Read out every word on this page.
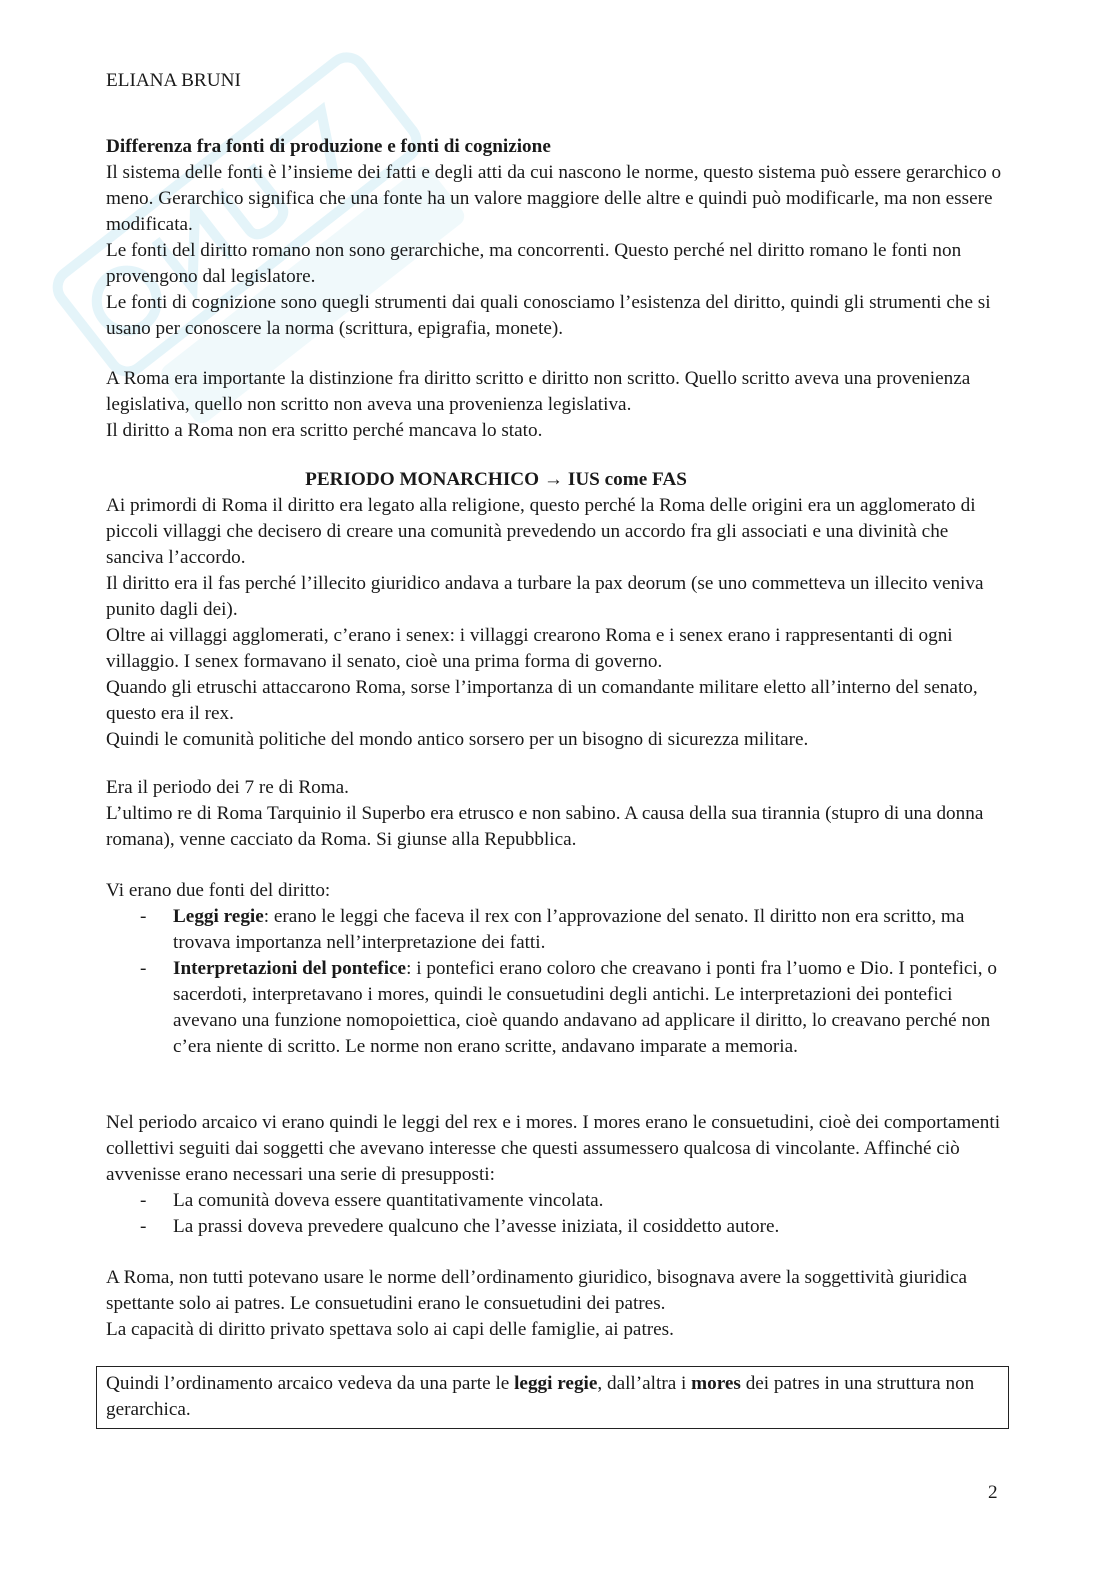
ELIANA BRUNI

Differenza fra fonti di produzione e fonti di cognizione

Il sistema delle fonti è l’insieme dei fatti e degli atti da cui nascono le norme, questo sistema può essere gerarchico o meno. Gerarchico significa che una fonte ha un valore maggiore delle altre e quindi può modificarle, ma non essere modificata.

Le fonti del diritto romano non sono gerarchiche, ma concorrenti. Questo perché nel diritto romano le fonti non provengono dal legislatore.

Le fonti di cognizione sono quegli strumenti dai quali conosciamo l’esistenza del diritto, quindi gli strumenti che si usano per conoscere la norma (scrittura, epigrafia, monete).

A Roma era importante la distinzione fra diritto scritto e diritto non scritto. Quello scritto aveva una provenienza legislativa, quello non scritto non aveva una provenienza legislativa.

Il diritto a Roma non era scritto perché mancava lo stato.

PERIODO MONARCHICO → IUS come FAS

Ai primordi di Roma il diritto era legato alla religione, questo perché la Roma delle origini era un agglomerato di piccoli villaggi che decisero di creare una comunità prevedendo un accordo fra gli associati e una divinità che sanciva l’accordo.

Il diritto era il fas perché l’illecito giuridico andava a turbare la pax deorum (se uno commetteva un illecito veniva punito dagli dei).

Oltre ai villaggi agglomerati, c’erano i senex: i villaggi crearono Roma e i senex erano i rappresentanti di ogni villaggio. I senex formavano il senato, cioè una prima forma di governo.

Quando gli etruschi attaccarono Roma, sorse l’importanza di un comandante militare eletto all’interno del senato, questo era il rex.

Quindi le comunità politiche del mondo antico sorsero per un bisogno di sicurezza militare.

Era il periodo dei 7 re di Roma.

L’ultimo re di Roma Tarquinio il Superbo era etrusco e non sabino. A causa della sua tirannia (stupro di una donna romana), venne cacciato da Roma. Si giunse alla Repubblica.

Vi erano due fonti del diritto:

- Leggi regie: erano le leggi che faceva il rex con l’approvazione del senato. Il diritto non era scritto, ma trovava importanza nell’interpretazione dei fatti.
- Interpretazioni del pontefice: i pontefici erano coloro che creavano i ponti fra l’uomo e Dio. I pontefici, o sacerdoti, interpretavano i mores, quindi le consuetudini degli antichi. Le interpretazioni dei pontefici avevano una funzione nomopoiettica, cioè quando andavano ad applicare il diritto, lo creavano perché non c’era niente di scritto. Le norme non erano scritte, andavano imparate a memoria.

Nel periodo arcaico vi erano quindi le leggi del rex e i mores. I mores erano le consuetudini, cioè dei comportamenti collettivi seguiti dai soggetti che avevano interesse che questi assumessero qualcosa di vincolante. Affinché ciò avvenisse erano necessari una serie di presupposti:

- La comunità doveva essere quantitativamente vincolata.
- La prassi doveva prevedere qualcuno che l’avesse iniziata, il cosiddetto autore.

A Roma, non tutti potevano usare le norme dell’ordinamento giuridico, bisognava avere la soggettività giuridica spettante solo ai patres. Le consuetudini erano le consuetudini dei patres.

La capacità di diritto privato spettava solo ai capi delle famiglie, ai patres.

Quindi l’ordinamento arcaico vedeva da una parte le leggi regie, dall’altra i mores dei patres in una struttura non gerarchica.
2
